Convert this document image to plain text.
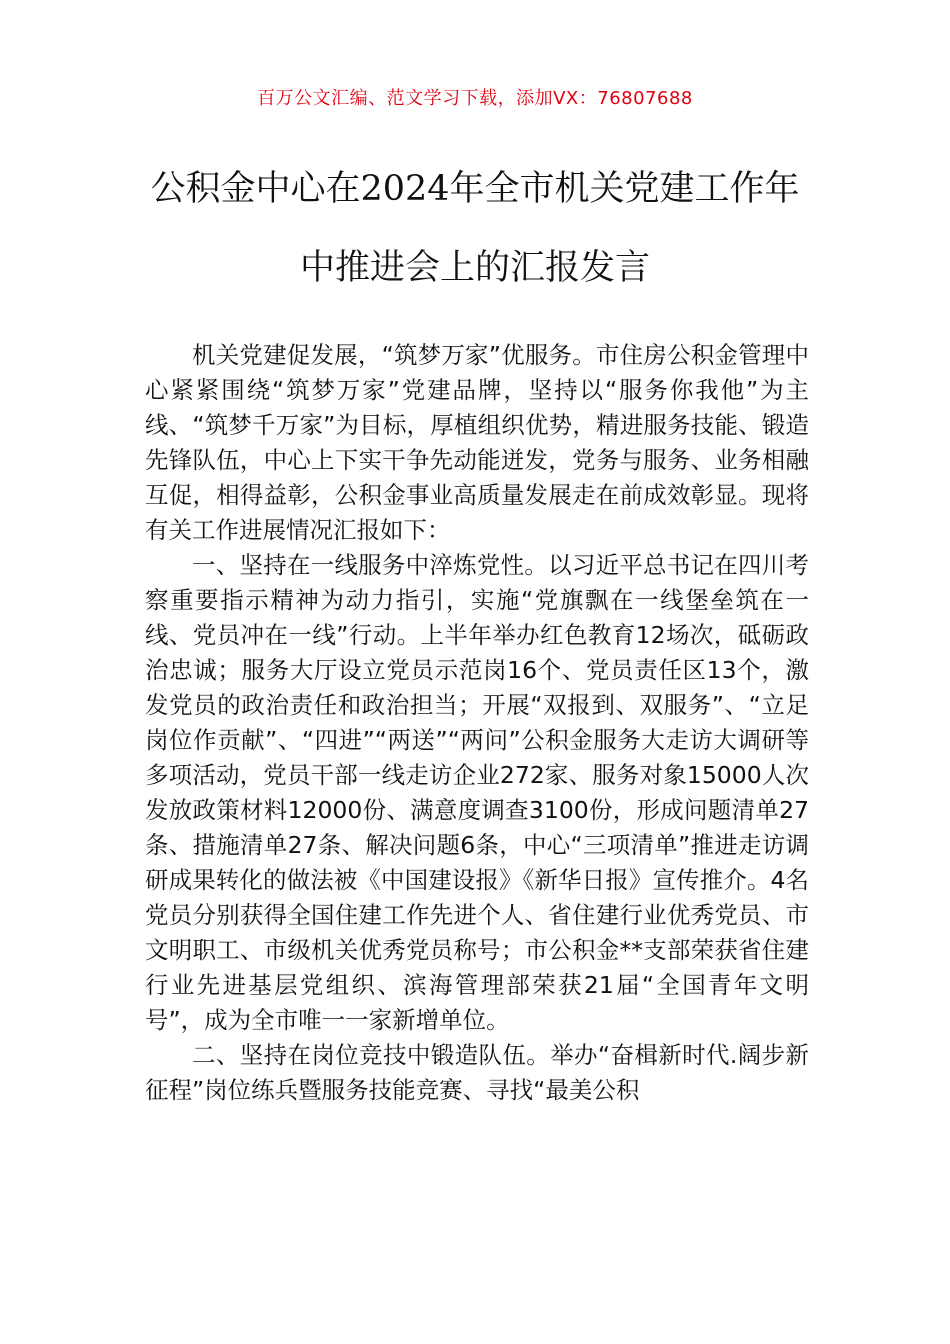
百万公文汇编、范文学习下载，添加VX：76807688
公积金中心在2024年全市机关党建工作年
中推进会上的汇报发言

机关党建促发展，“筑梦万家”优服务。市住房公积金管理中心紧紧围绕“筑梦万家”党建品牌，坚持以“服务你我他”为主线、“筑梦千万家”为目标，厚植组织优势，精进服务技能、锻造先锋队伍，中心上下实干争先动能迸发，党务与服务、业务相融互促，相得益彰，公积金事业高质量发展走在前成效彰显。现将有关工作进展情况汇报如下：

一、坚持在一线服务中淬炼党性。以习近平总书记在四川考察重要指示精神为动力指引，实施“党旗飘在一线堡垒筑在一线、党员冲在一线”行动。上半年举办红色教育12场次，砥砺政治忠诚；服务大厅设立党员示范岗16个、党员责任区13个，激发党员的政治责任和政治担当；开展“双报到、双服务”、“立足岗位作贡献”、“四进”“两送”“两问”公积金服务大走访大调研等多项活动，党员干部一线走访企业272家、服务对象15000人次发放政策材料12000份、满意度调查3100份，形成问题清单27条、措施清单27条、解决问题6条，中心“三项清单”推进走访调研成果转化的做法被《中国建设报》《新华日报》宣传推介。4名党员分别获得全国住建工作先进个人、省住建行业优秀党员、市文明职工、市级机关优秀党员称号；市公积金**支部荣获省住建行业先进基层党组织、滨海管理部荣获21届“全国青年文明号”，成为全市唯一一家新增单位。

二、坚持在岗位竞技中锻造队伍。举办“奋楫新时代.阔步新征程”岗位练兵暨服务技能竞赛、寻找“最美公积
